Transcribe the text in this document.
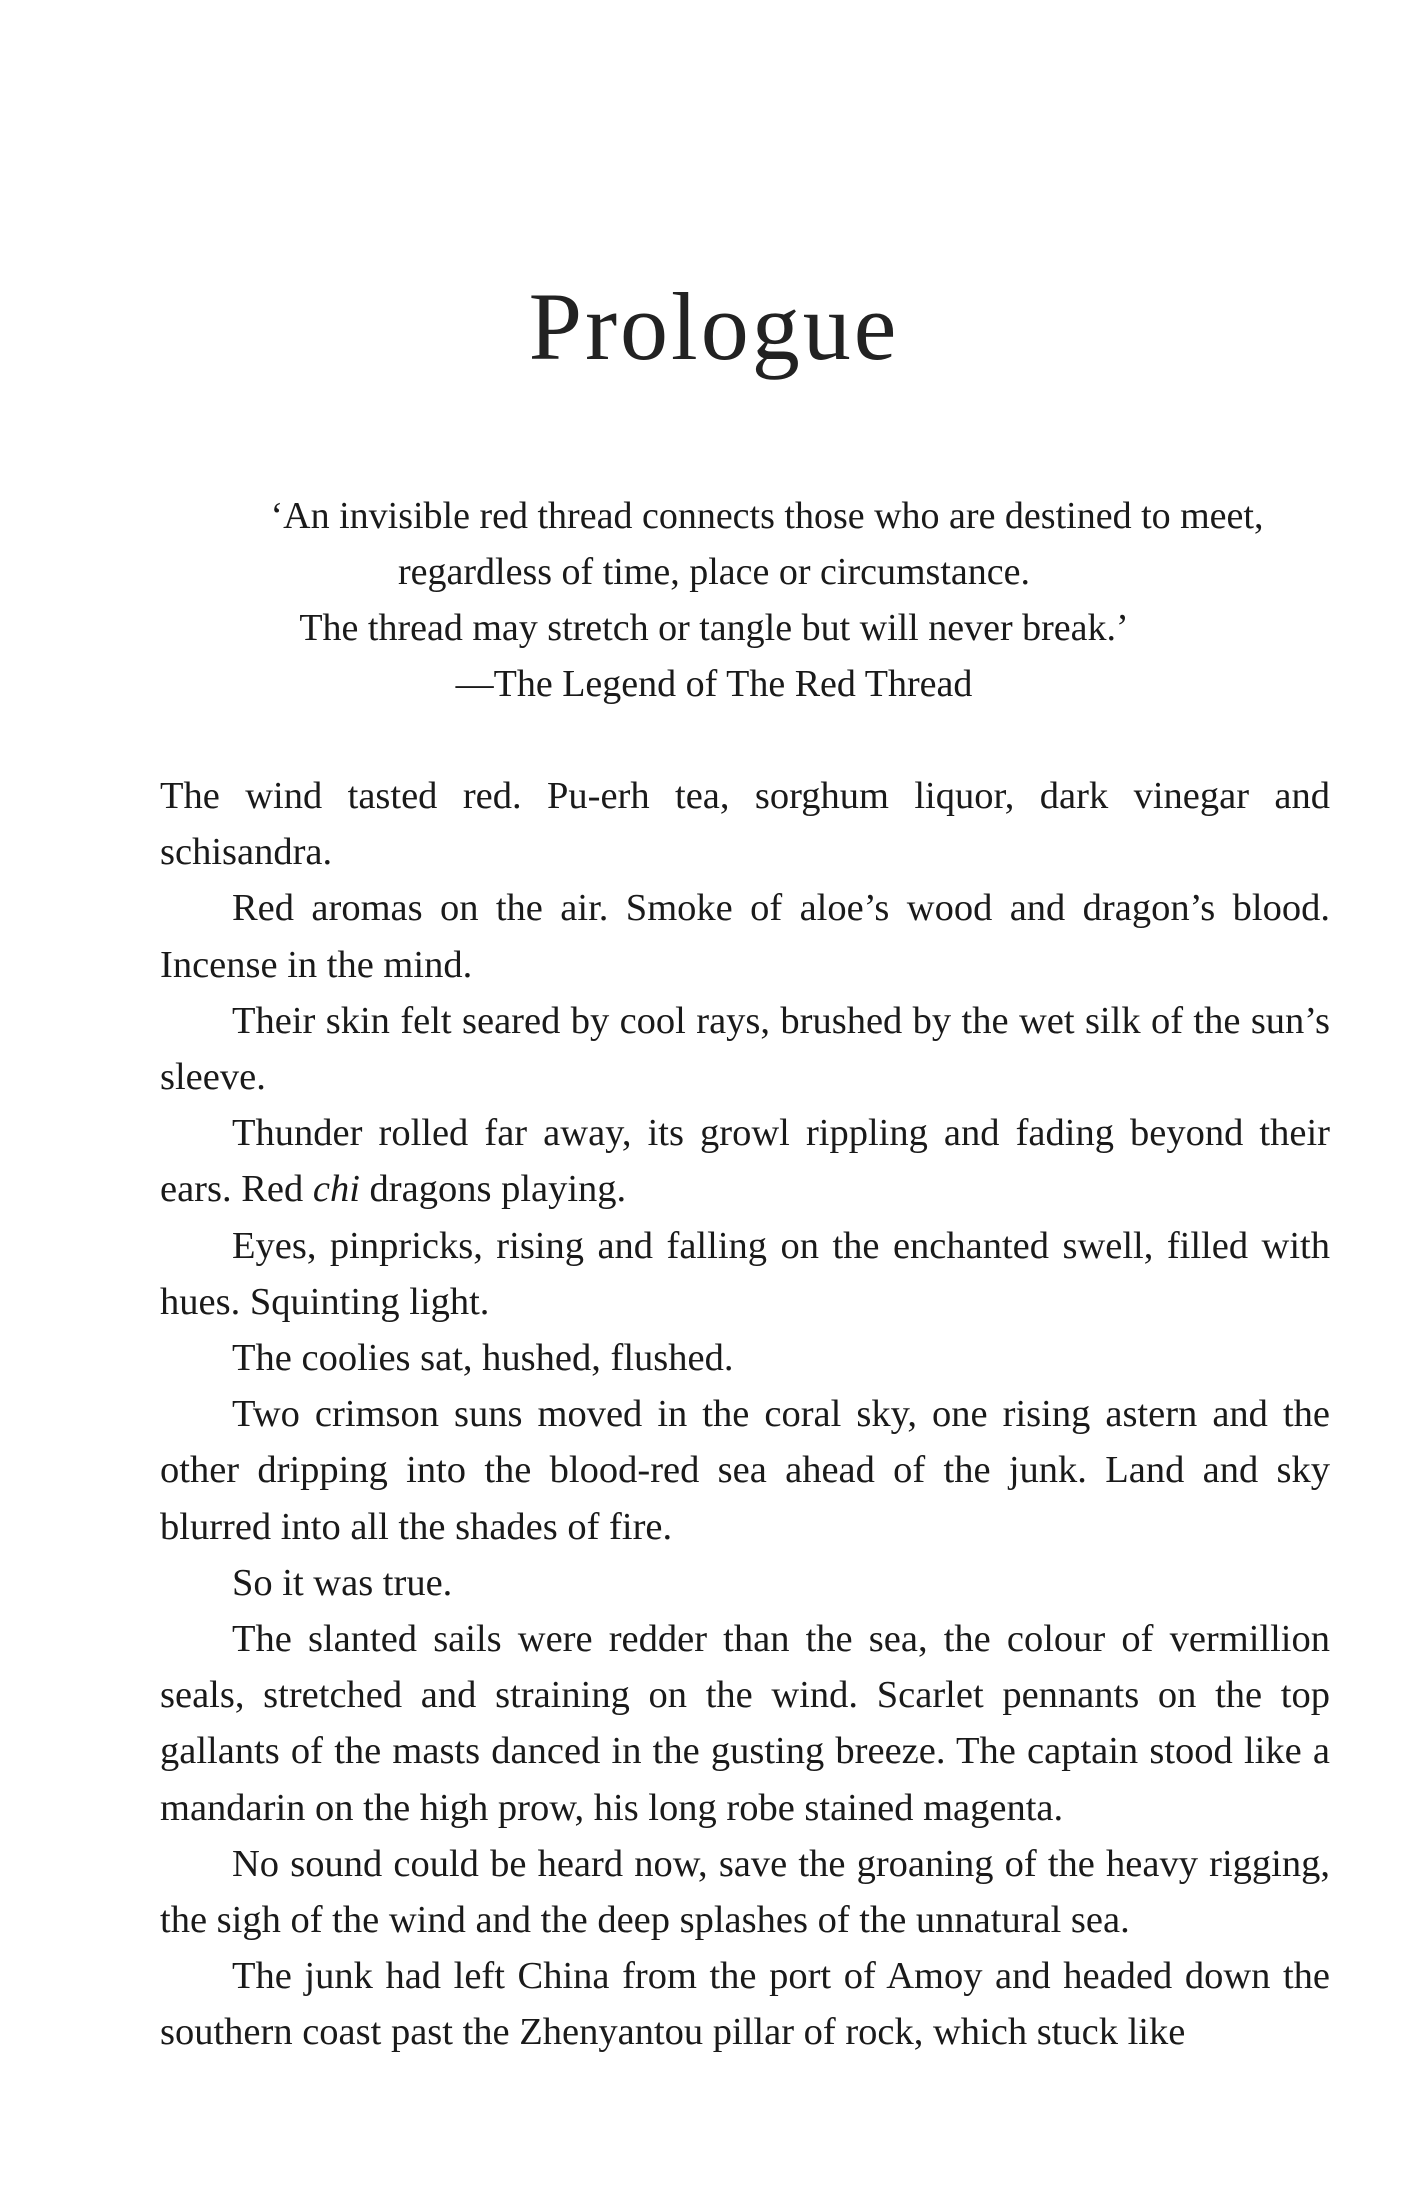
Prologue
‘An invisible red thread connects those who are destined to meet,
regardless of time, place or circumstance.
The thread may stretch or tangle but will never break.’
—The Legend of The Red Thread

The wind tasted red. Pu-erh tea, sorghum liquor, dark vinegar and schisandra.

Red aromas on the air. Smoke of aloe’s wood and dragon’s blood. Incense in the mind.

Their skin felt seared by cool rays, brushed by the wet silk of the sun’s sleeve.

Thunder rolled far away, its growl rippling and fading beyond their ears. Red chi dragons playing.

Eyes, pinpricks, rising and falling on the enchanted swell, filled with hues. Squinting light.

The coolies sat, hushed, flushed.

Two crimson suns moved in the coral sky, one rising astern and the other dripping into the blood-red sea ahead of the junk. Land and sky blurred into all the shades of fire.

So it was true.

The slanted sails were redder than the sea, the colour of vermillion seals, stretched and straining on the wind. Scarlet pennants on the top gallants of the masts danced in the gusting breeze. The captain stood like a mandarin on the high prow, his long robe stained magenta.

No sound could be heard now, save the groaning of the heavy rigging, the sigh of the wind and the deep splashes of the unnatural sea.

The junk had left China from the port of Amoy and headed down the southern coast past the Zhenyantou pillar of rock, which stuck like
